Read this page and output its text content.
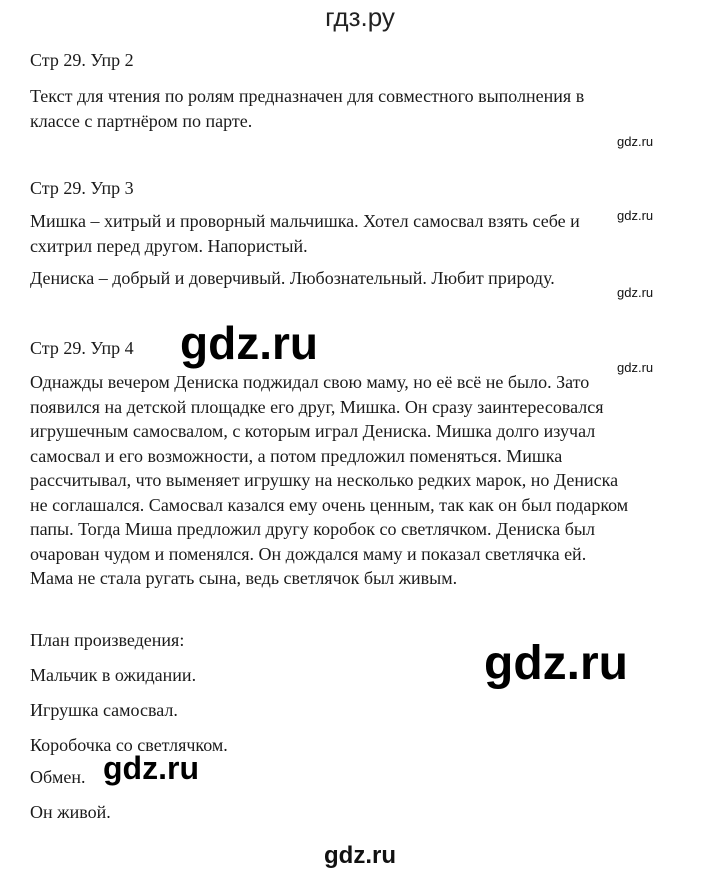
гдз.ру
Стр 29. Упр 2
Текст для чтения по ролям предназначен для совместного выполнения в
классе с партнёром по парте.
gdz.ru
Стр 29. Упр 3
Мишка – хитрый и проворный мальчишка. Хотел самосвал взять себе и
схитрил перед другом. Напористый.
gdz.ru
Дениска – добрый и доверчивый. Любознательный. Любит природу.
gdz.ru
Стр 29. Упр 4 gdz.ru	gdz.ru
Однажды вечером Дениска поджидал свою маму, но её всё не было. Зато
появился на детской площадке его друг, Мишка. Он сразу заинтересовался
игрушечным самосвалом, с которым играл Дениска. Мишка долго изучал
самосвал и его возможности, а потом предложил поменяться. Мишка
рассчитывал, что выменяет игрушку на несколько редких марок, но Дениска
не соглашался. Самосвал казался ему очень ценным, так как он был подарком
папы. Тогда Миша предложил другу коробок со светлячком. Дениска был
очарован чудом и поменялся. Он дождался маму и показал светлячка ей.
Мама не стала ругать сына, ведь светлячок был живым.
План произведения:	gdz.ru
Мальчик в ожидании.
Игрушка самосвал.
Коробочка со светлячком.
Обмен. gdz.ru
Он живой.
gdz.ru
